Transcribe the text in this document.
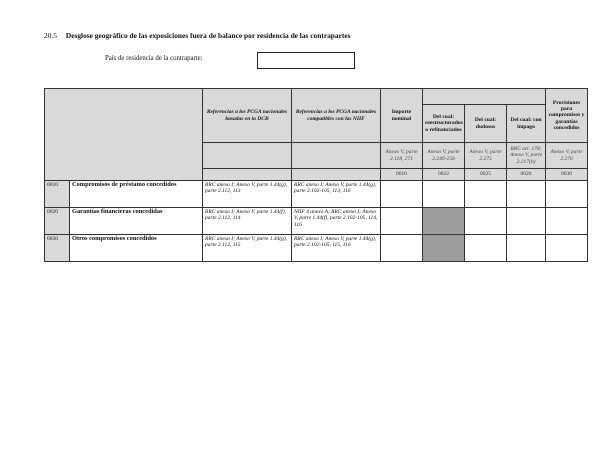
20.5 Desglose geográfico de las exposiciones fuera de balance por residencia de las contrapartes
País de residencia de la contraparte:
		Referencias a los PCGA nacionales basadas en la DCB	Referencias a los PCGA nacionales compatibles con las NIIF	Importe nominal				Provisiones para compromisos y garantías concedidos
					Del cual: reestructurados o refinanciados	Del cual: dudosos	Del cual: con impago	
				Anexo V, parte 2.118, 271	Anexo V, parte 2.240-258	Anexo V, parte 2.275	RRC art. 178; Anexo V, parte 2.217(b)	Anexo V, parte 2.276
				0010	0022	0025	0026	0030
0010	Compromisos de préstamo concedidos	RRC anexo I; Anexo V, parte 1.44(g), parte 2.112, 113	RRC anexo I; Anexo V, parte 1.44(g), parte 2.102-105, 113, 116					
0020	Garantías financieras concedidas	RRC anexo I; Anexo V, parte 1.44(f), parte 2.112, 114	NIIF 4 anexo A; RRC anexo I; Anexo V, parte 1.44(f), parte 2.102-105, 114, 116					
0030	Otros compromisos concedidos	RRC anexo I; Anexo V, parte 1.44(g), parte 2.112, 115	RRC anexo I; Anexo V, parte 1.44(g), parte 2.102-105, 115, 116					
